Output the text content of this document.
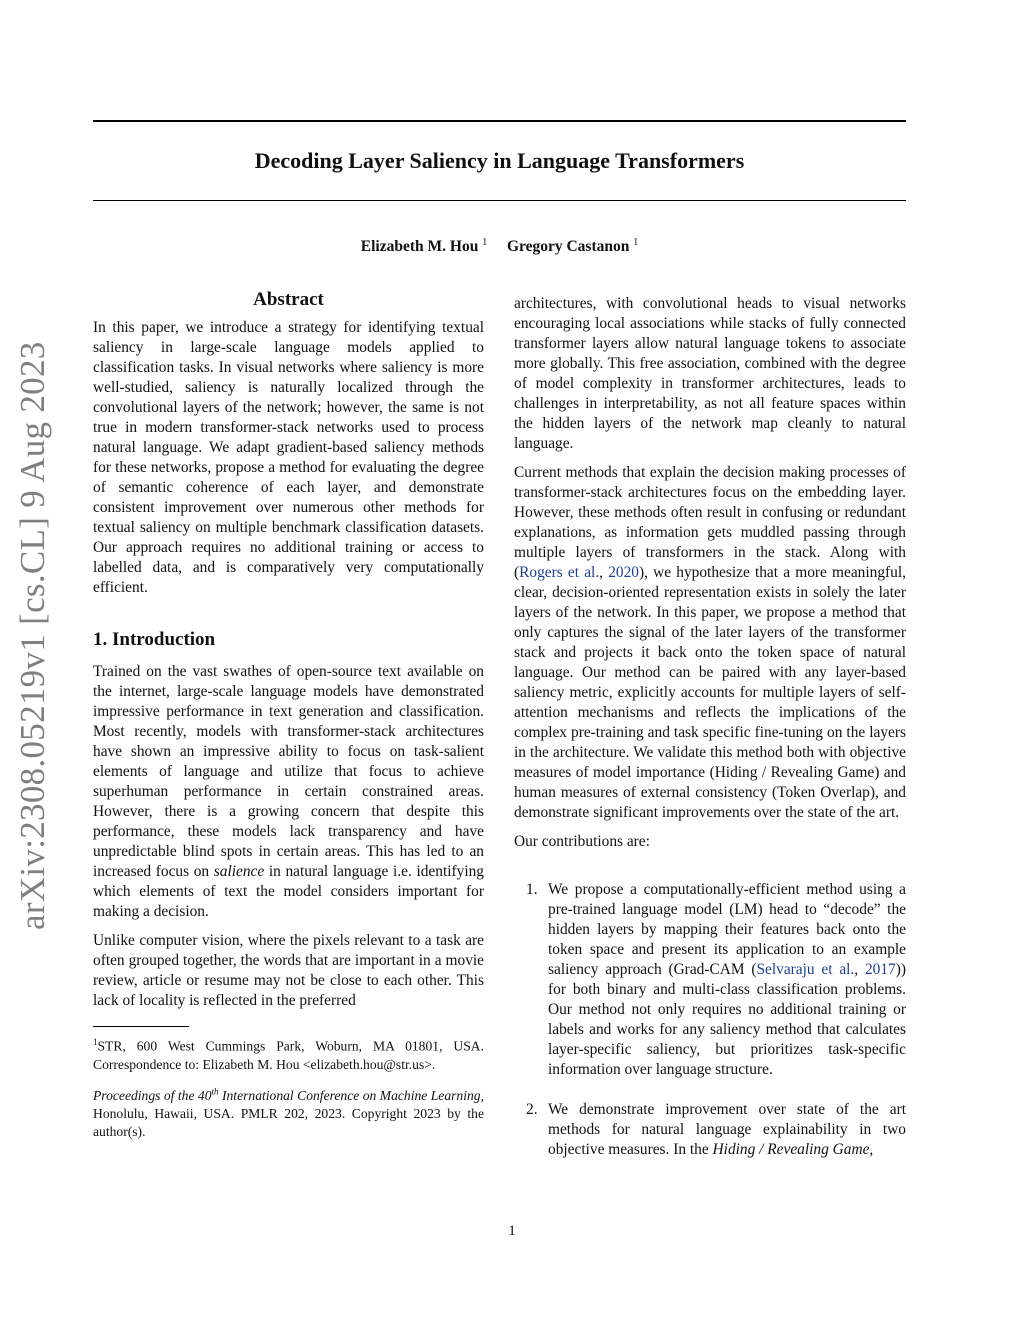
arXiv:2308.05219v1 [cs.CL] 9 Aug 2023
Decoding Layer Saliency in Language Transformers
Elizabeth M. Hou $^1$ Gregory Castanon $^1$
Abstract

In this paper, we introduce a strategy for identifying textual saliency in large-scale language models applied to classification tasks. In visual networks where saliency is more well-studied, saliency is naturally localized through the convolutional layers of the network; however, the same is not true in modern transformer-stack networks used to process natural language. We adapt gradient-based saliency methods for these networks, propose a method for evaluating the degree of semantic coherence of each layer, and demonstrate consistent improvement over numerous other methods for textual saliency on multiple benchmark classification datasets. Our approach requires no additional training or access to labelled data, and is comparatively very computationally efficient.

1. Introduction

Trained on the vast swathes of open-source text available on the internet, large-scale language models have demonstrated impressive performance in text generation and classification. Most recently, models with transformer-stack architectures have shown an impressive ability to focus on task-salient elements of language and utilize that focus to achieve superhuman performance in certain constrained areas. However, there is a growing concern that despite this performance, these models lack transparency and have unpredictable blind spots in certain areas. This has led to an increased focus on salience in natural language i.e. identifying which elements of text the model considers important for making a decision.

Unlike computer vision, where the pixels relevant to a task are often grouped together, the words that are important in a movie review, article or resume may not be close to each other. This lack of locality is reflected in the preferred

$^1$STR, 600 West Cummings Park, Woburn, MA 01801, USA. Correspondence to: Elizabeth M. Hou <elizabeth.hou@str.us>.

Proceedings of the 40th International Conference on Machine Learning, Honolulu, Hawaii, USA. PMLR 202, 2023. Copyright 2023 by the author(s).

architectures, with convolutional heads to visual networks encouraging local associations while stacks of fully connected transformer layers allow natural language tokens to associate more globally. This free association, combined with the degree of model complexity in transformer architectures, leads to challenges in interpretability, as not all feature spaces within the hidden layers of the network map cleanly to natural language.

Current methods that explain the decision making processes of transformer-stack architectures focus on the embedding layer. However, these methods often result in confusing or redundant explanations, as information gets muddled passing through multiple layers of transformers in the stack. Along with (Rogers et al., 2020), we hypothesize that a more meaningful, clear, decision-oriented representation exists in solely the later layers of the network. In this paper, we propose a method that only captures the signal of the later layers of the transformer stack and projects it back onto the token space of natural language. Our method can be paired with any layer-based saliency metric, explicitly accounts for multiple layers of self-attention mechanisms and reflects the implications of the complex pre-training and task specific fine-tuning on the layers in the architecture. We validate this method both with objective measures of model importance (Hiding / Revealing Game) and human measures of external consistency (Token Overlap), and demonstrate significant improvements over the state of the art.

Our contributions are:

1. We propose a computationally-efficient method using a pre-trained language model (LM) head to “decode” the hidden layers by mapping their features back onto the token space and present its application to an example saliency approach (Grad-CAM (Selvaraju et al., 2017)) for both binary and multi-class classification problems. Our method not only requires no additional training or labels and works for any saliency method that calculates layer-specific saliency, but prioritizes task-specific information over language structure.
2. We demonstrate improvement over state of the art methods for natural language explainability in two objective measures. In the Hiding / Revealing Game,
1
